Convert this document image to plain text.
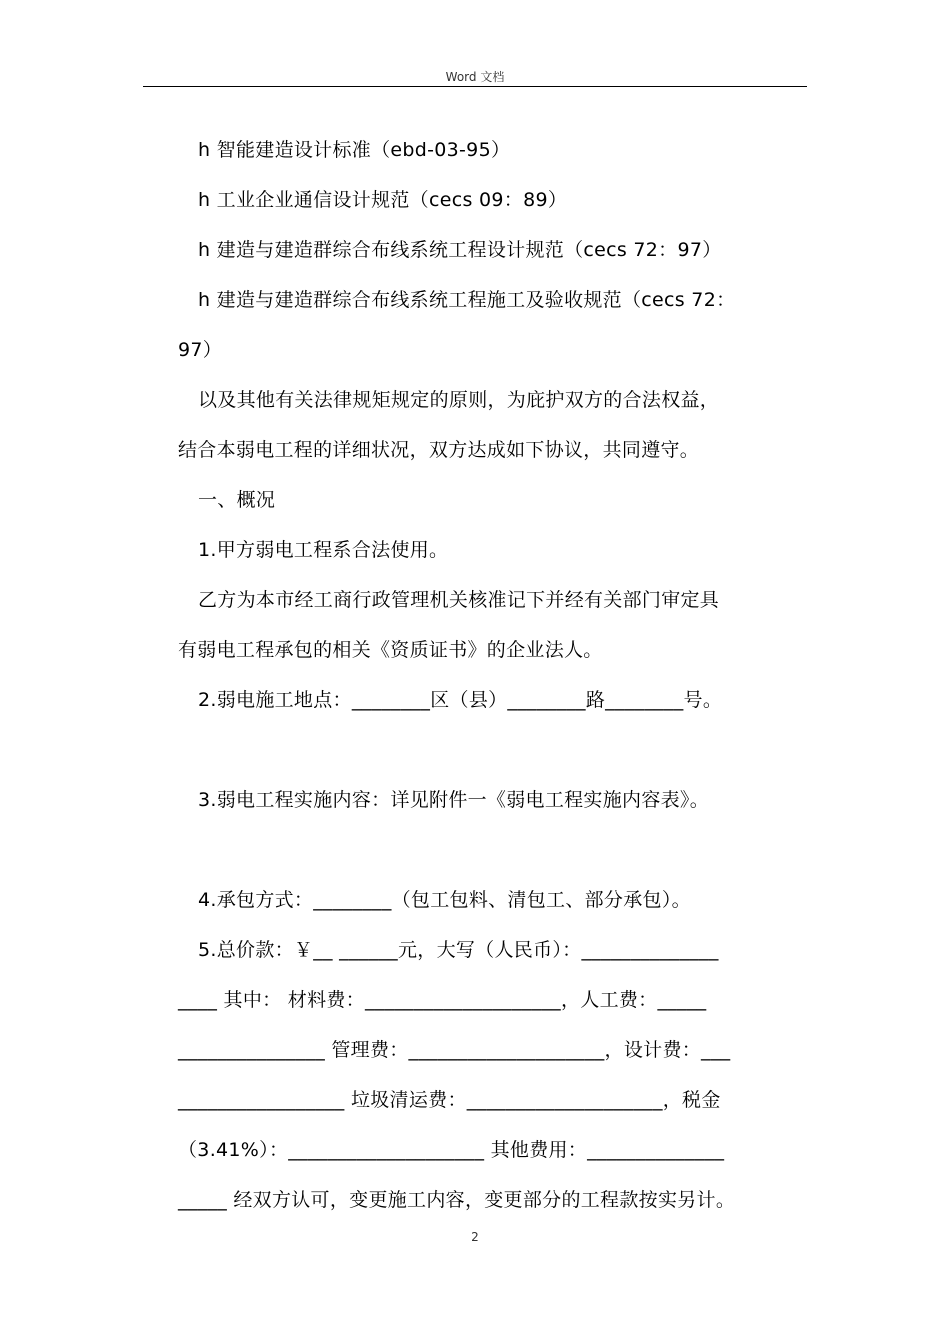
Word 文档
h 智能建造设计标准（ebd-03-95）
h 工业企业通信设计规范（cecs 09：89）
h 建造与建造群综合布线系统工程设计规范（cecs 72：97）
h 建造与建造群综合布线系统工程施工及验收规范（cecs 72：
97）
以及其他有关法律规矩规定的原则，为庇护双方的合法权益，
结合本弱电工程的详细状况，双方达成如下协议，共同遵守。
一、概况
1.甲方弱电工程系合法使用。
乙方为本市经工商行政管理机关核准记下并经有关部门审定具
有弱电工程承包的相关《资质证书》的企业法人。
2.弱电施工地点：________区（县）________路________号。
3.弱电工程实施内容：详见附件一《弱电工程实施内容表》。
4.承包方式：________（包工包料、清包工、部分承包）。
5.总价款：￥__ ______元，大写（人民币）：______________
____ 其中： 材料费：____________________，人工费：_____
_______________ 管理费：____________________，设计费：___
_________________ 垃圾清运费：____________________，税金
（3.41%）：____________________ 其他费用：______________
_____ 经双方认可，变更施工内容，变更部分的工程款按实另计。
2
